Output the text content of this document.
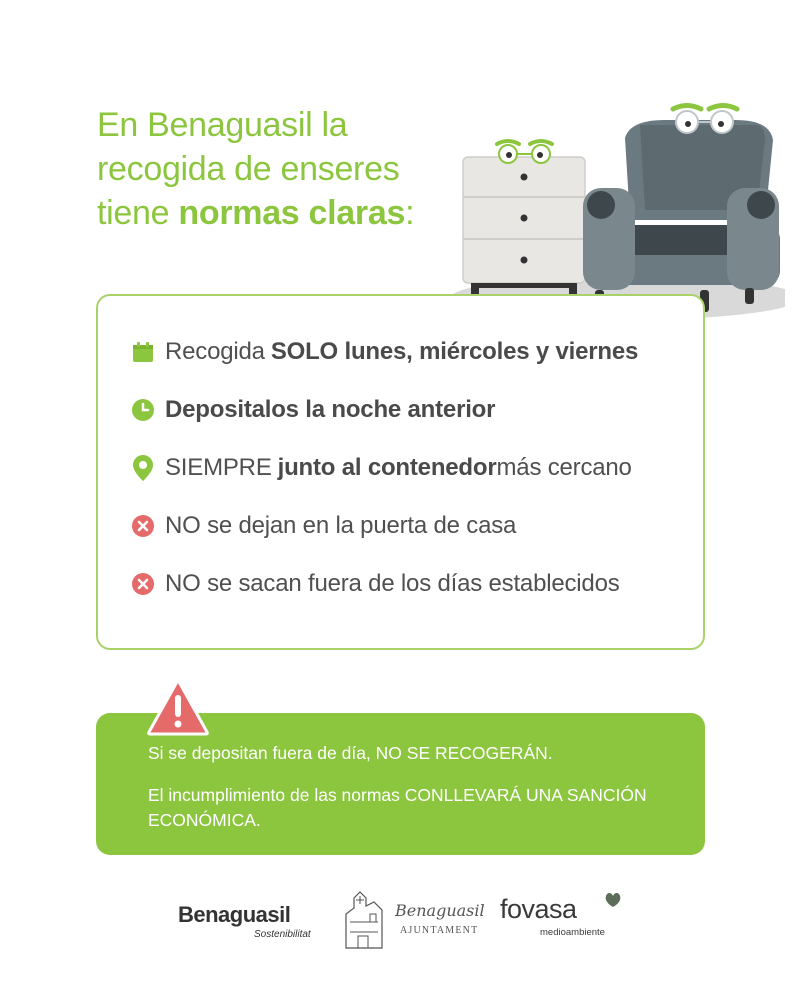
En Benaguasil la
recogida de enseres
tiene normas claras:
Recogida SOLO lunes, miércoles y viernes
Depositalos la noche anterior
SIEMPRE junto al contenedor más cercano
NO se dejan en la puerta de casa
NO se sacan fuera de los días establecidos
Si se depositan fuera de día, NO SE RECOGERÁN.
El incumplimiento de las normas CONLLEVARÁ UNA SANCIÓN ECONÓMICA.
Benaguasil
Sostenibilitat
Benaguasil
AJUNTAMENT
fovasa
medioambiente
